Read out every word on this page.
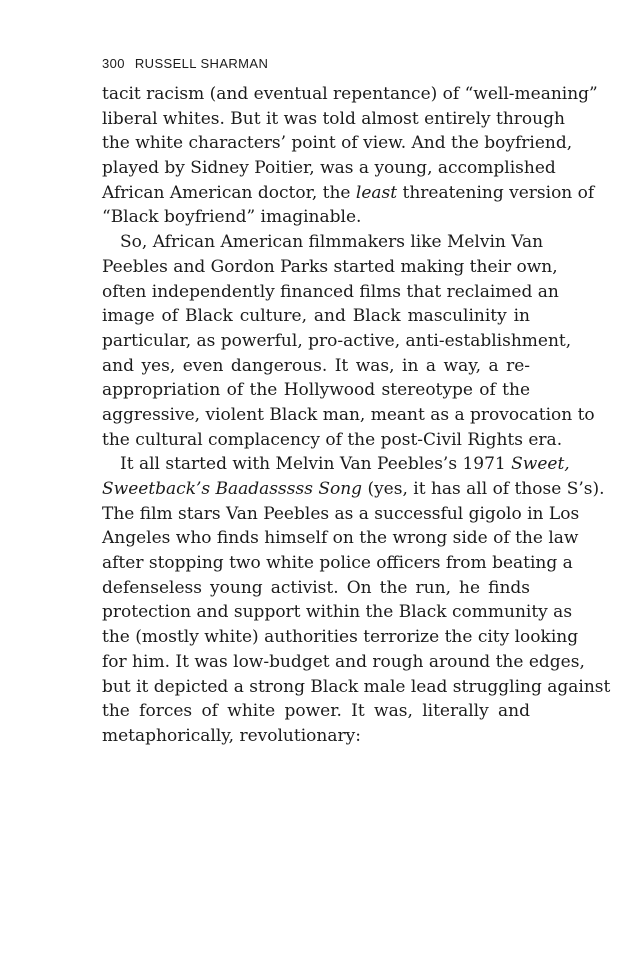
300 RUSSELL SHARMAN
tacit racism (and eventual repentance) of “well-meaning”
liberal whites. But it was told almost entirely through
the white characters’ point of view. And the boyfriend,
played by Sidney Poitier, was a young, accomplished
African American doctor, the least threatening version of
“Black boyfriend” imaginable.
So, African American filmmakers like Melvin Van
Peebles and Gordon Parks started making their own,
often independently financed films that reclaimed an
image of Black culture, and Black masculinity in
particular, as powerful, pro-active, anti-establishment,
and yes, even dangerous. It was, in a way, a re-
appropriation of the Hollywood stereotype of the
aggressive, violent Black man, meant as a provocation to
the cultural complacency of the post-Civil Rights era.
It all started with Melvin Van Peebles’s 1971 Sweet,
Sweetback’s Baadasssss Song (yes, it has all of those S’s).
The film stars Van Peebles as a successful gigolo in Los
Angeles who finds himself on the wrong side of the law
after stopping two white police officers from beating a
defenseless young activist. On the run, he finds
protection and support within the Black community as
the (mostly white) authorities terrorize the city looking
for him. It was low-budget and rough around the edges,
but it depicted a strong Black male lead struggling against
the forces of white power. It was, literally and
metaphorically, revolutionary:
